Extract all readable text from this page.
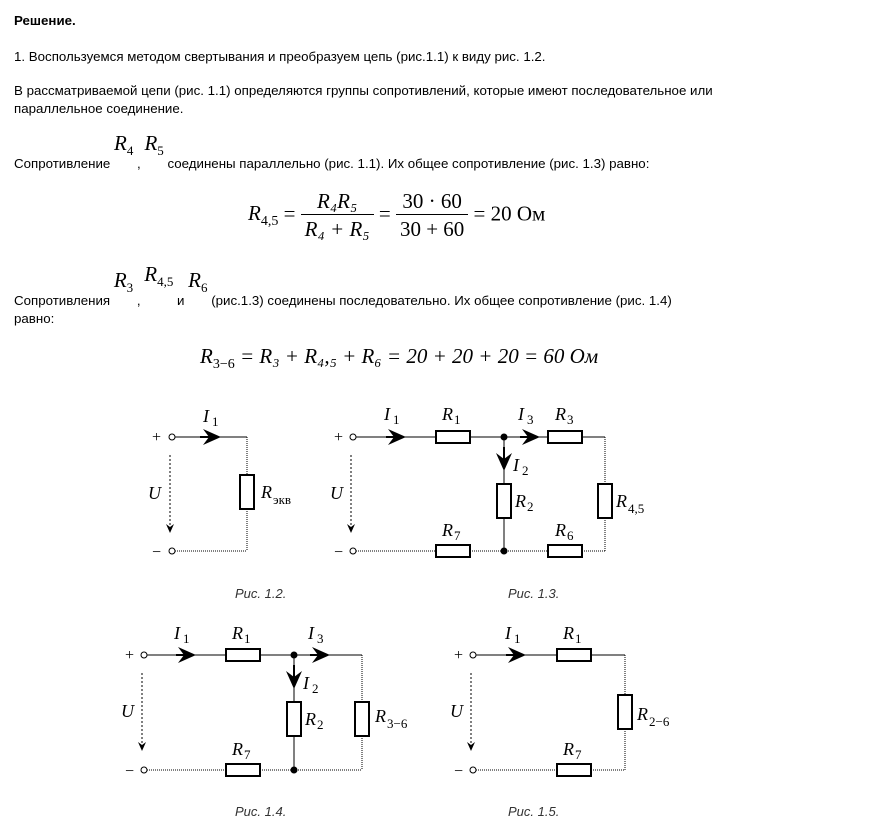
Решение.
1. Воспользуемся методом свертывания и преобразуем цепь (рис.1.1) к виду рис. 1.2.
В рассматриваемой цепи (рис. 1.1) определяются группы сопротивлений, которые имеют последовательное или
параллельное соединение.
Сопротивление $R_4$ , $R_5$ соединены параллельно (рис. 1.1). Их общее сопротивление (рис. 1.3) равно:
$R_{4,5} = \frac{\text{R₄R₅}}{\text{R₄ + R₅}} = \frac{30 \cdot 60}{30 + 60} = 20$ Ом
Сопротивления $R_3$ , $R_{4,5}$ и $R_6$ (рис.1.3) соединены последовательно. Их общее сопротивление (рис. 1.4)
равно:
$R_{3-6} = R_3 + R_4,_5 + R_6 = 20 + 20 + 20 = 60$ Ом
+
−
U
I 1
R экв
+
−
U
I 1 R 1	I 3 R 3
I 2
R 2	R 4,5
R 7	R 6
+
−
U
I 1 R 1	I 3
I 2
R 2	R 3−6
R 7
+
−
U
I 1 R 1
R 2−6
R 7
Рис. 1.2.	Рис. 1.3.
Рис. 1.4.	Рис. 1.5.
